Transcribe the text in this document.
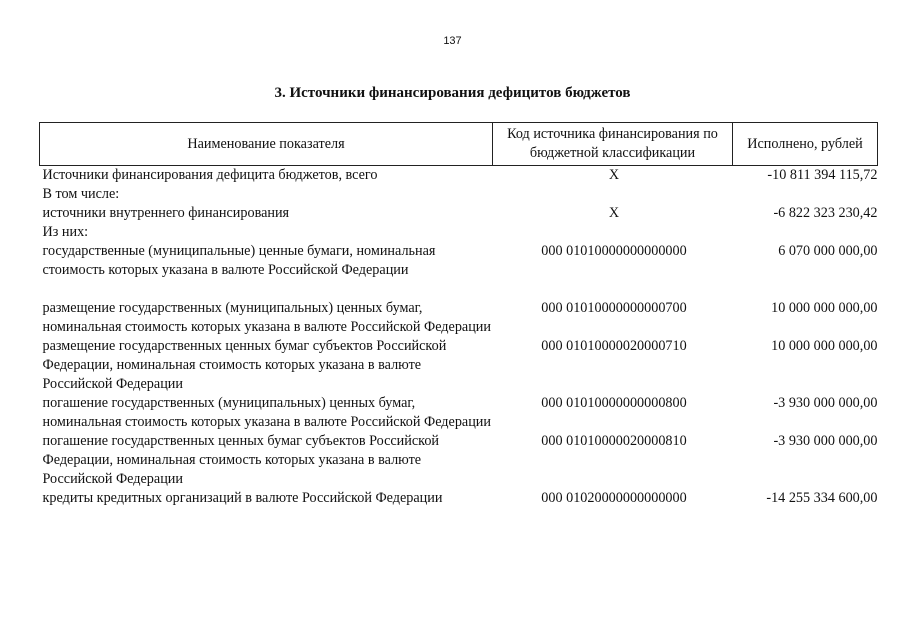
137
3. Источники финансирования дефицитов бюджетов
Наименование показателя	Код источника финансирования по бюджетной классификации	Исполнено, рублей
Источники финансирования дефицита бюджетов, всего	X	-10 811 394 115,72
В том числе:		
источники внутреннего финансирования	X	-6 822 323 230,42
Из них:		
государственные (муниципальные) ценные бумаги, номинальная стоимость которых указана в валюте Российской Федерации	000 01010000000000000	6 070 000 000,00
размещение государственных (муниципальных) ценных бумаг, номинальная стоимость которых указана в валюте Российской Федерации	000 01010000000000700	10 000 000 000,00
размещение государственных ценных бумаг субъектов Российской Федерации, номинальная стоимость которых указана в валюте Российской Федерации	000 01010000020000710	10 000 000 000,00
погашение государственных (муниципальных) ценных бумаг, номинальная стоимость которых указана в валюте Российской Федерации	000 01010000000000800	-3 930 000 000,00
погашение государственных ценных бумаг субъектов Российской Федерации, номинальная стоимость которых указана в валюте Российской Федерации	000 01010000020000810	-3 930 000 000,00
кредиты кредитных организаций в валюте Российской Федерации	000 01020000000000000	-14 255 334 600,00
